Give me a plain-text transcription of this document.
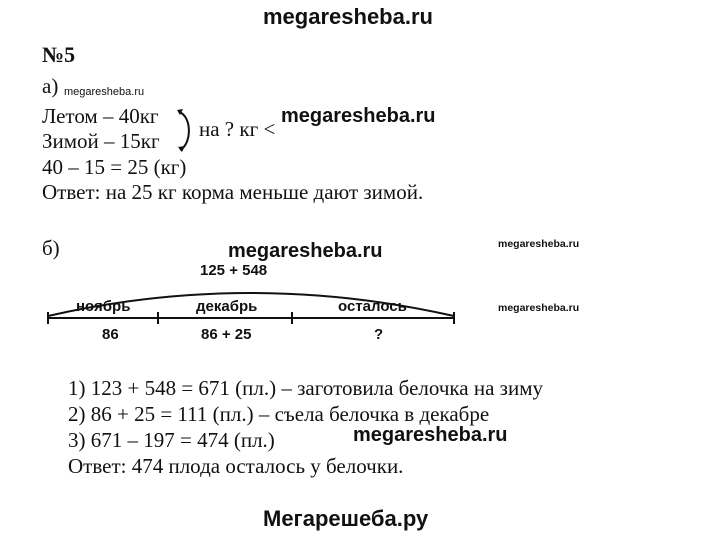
megaresheba.ru
№5
а) megaresheba.ru
Летом – 40кг
Зимой – 15кг на ? кг <
megaresheba.ru
40 – 15 = 25 (кг)
Ответ: на 25 кг корма меньше дают зимой.
б)	megaresheba.ru	megaresheba.ru
megaresheba.ru
125 + 548
ноябрь	декабрь	осталось
86	86 + 25	?
1) 123 + 548 = 671 (пл.) – заготовила белочка на зиму
2) 86 + 25 = 111 (пл.) – съела белочка в декабре
3) 671 – 197 = 474 (пл.)	megaresheba.ru
Ответ: 474 плода осталось у белочки.
Мегарешеба.ру
